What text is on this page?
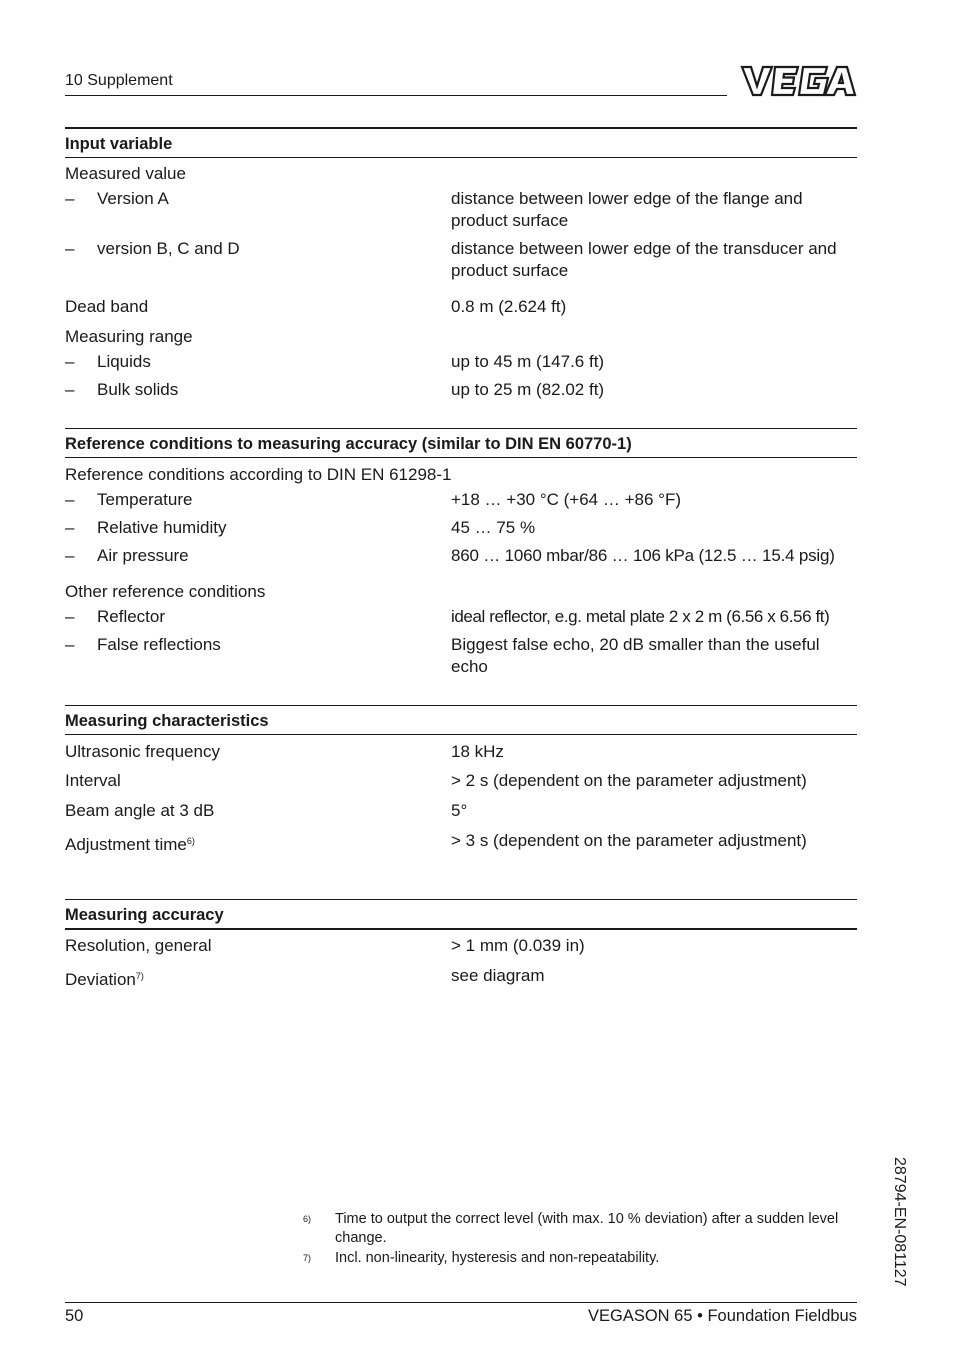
10 Supplement
Input variable
Measured value
– Version A	distance between lower edge of the flange and product surface
– version B, C and D	distance between lower edge of the transducer and product surface
Dead band	0.8 m (2.624 ft)
Measuring range
– Liquids	up to 45 m (147.6 ft)
– Bulk solids	up to 25 m (82.02 ft)
Reference conditions to measuring accuracy (similar to DIN EN 60770-1)
Reference conditions according to DIN EN 61298-1
– Temperature	+18 … +30 °C (+64 … +86 °F)
– Relative humidity	45 … 75 %
– Air pressure	860 … 1060 mbar/86 … 106 kPa (12.5 … 15.4 psig)
Other reference conditions
– Reflector	ideal reflector, e.g. metal plate 2 x 2 m (6.56 x 6.56 ft)
– False reflections	Biggest false echo, 20 dB smaller than the useful echo
Measuring characteristics
Ultrasonic frequency	18 kHz
Interval	> 2 s (dependent on the parameter adjustment)
Beam angle at 3 dB	5°
Adjustment time$^{6)}$	> 3 s (dependent on the parameter adjustment)
Measuring accuracy
Resolution, general	> 1 mm (0.039 in)
Deviation$^{7)}$	see diagram
6) Time to output the correct level (with max. 10 % deviation) after a sudden level change.
7) Incl. non-linearity, hysteresis and non-repeatability.	28794-EN-081127
50	VEGASON 65 • Foundation Fieldbus
